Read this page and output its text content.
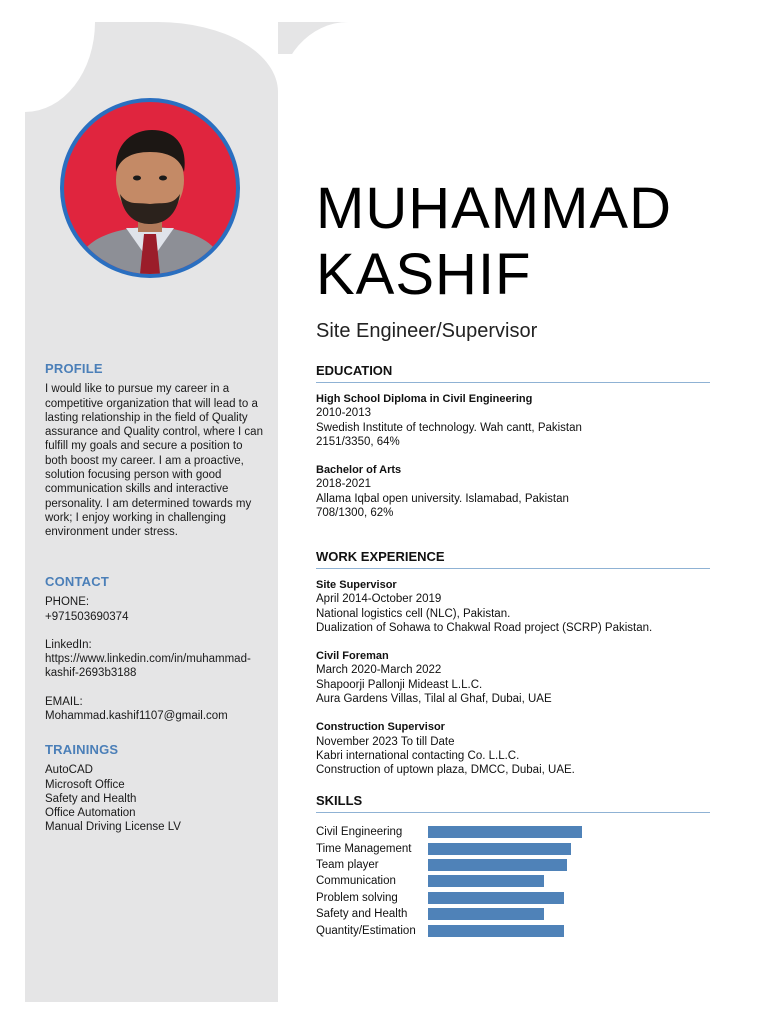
PROFILE

I would like to pursue my career in a competitive organization that will lead to a lasting relationship in the field of Quality assurance and Quality control, where I can fulfill my goals and secure a position to both boost my career. I am a proactive, solution focusing person with good communication skills and interactive personality. I am determined towards my work; I enjoy working in challenging environment under stress.

CONTACT

PHONE:

+971503690374

LinkedIn:

https://www.linkedin.com/in/muhammad-kashif-2693b3188

EMAIL:

Mohammad.kashif1107@gmail.com

TRAININGS

AutoCAD

Microsoft Office

Safety and Health

Office Automation

Manual Driving License LV

MUHAMMAD
KASHIF
Site Engineer/Supervisor
EDUCATION
High School Diploma in Civil Engineering
2010-2013
Swedish Institute of technology. Wah cantt, Pakistan
2151/3350, 64%
Bachelor of Arts
2018-2021
Allama Iqbal open university. Islamabad, Pakistan
708/1300, 62%
WORK EXPERIENCE
Site Supervisor
April 2014-October 2019
National logistics cell (NLC), Pakistan.
Dualization of Sohawa to Chakwal Road project (SCRP) Pakistan.
Civil Foreman
March 2020-March 2022
Shapoorji Pallonji Mideast L.L.C.
Aura Gardens Villas, Tilal al Ghaf, Dubai, UAE
Construction Supervisor
November 2023 To till Date
Kabri international contacting Co. L.L.C.
Construction of uptown plaza, DMCC, Dubai, UAE.
SKILLS
Civil Engineering
Time Management
Team player
Communication
Problem solving
Safety and Health
Quantity/Estimation
